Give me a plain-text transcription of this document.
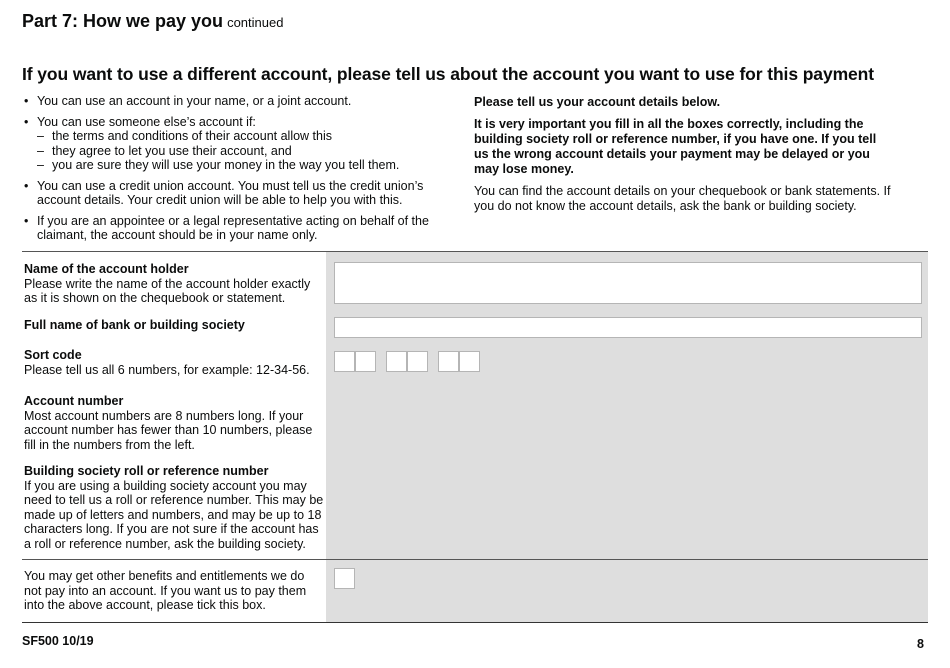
Part 7: How we pay you continued
If you want to use a different account, please tell us about the account you want to use for this payment
• You can use an account in your name, or a joint account.
• You can use someone else’s account if:
– the terms and conditions of their account allow this
– they agree to let you use their account, and
– you are sure they will use your money in the way you tell them.
• You can use a credit union account. You must tell us the credit union’s account details. Your credit union will be able to help you with this.
• If you are an appointee or a legal representative acting on behalf of the claimant, the account should be in your name only.

Please tell us your account details below.

It is very important you fill in all the boxes correctly, including the building society roll or reference number, if you have one. If you tell us the wrong account details your payment may be delayed or you may lose money.

You can find the account details on your chequebook or bank statements. If you do not know the account details, ask the bank or building society.

Name of the account holder
Please write the name of the account holder exactly as it is shown on the chequebook or statement.
Full name of bank or building society
Sort code
Please tell us all 6 numbers, for example: 12-34-56.
Account number
Most account numbers are 8 numbers long. If your account number has fewer than 10 numbers, please fill in the numbers from the left.
Building society roll or reference number
If you are using a building society account you may need to tell us a roll or reference number. This may be made up of letters and numbers, and may be up to 18 characters long. If you are not sure if the account has a roll or reference number, ask the building society.
You may get other benefits and entitlements we do not pay into an account. If you want us to pay them into the above account, please tick this box.
SF500 10/19	8
